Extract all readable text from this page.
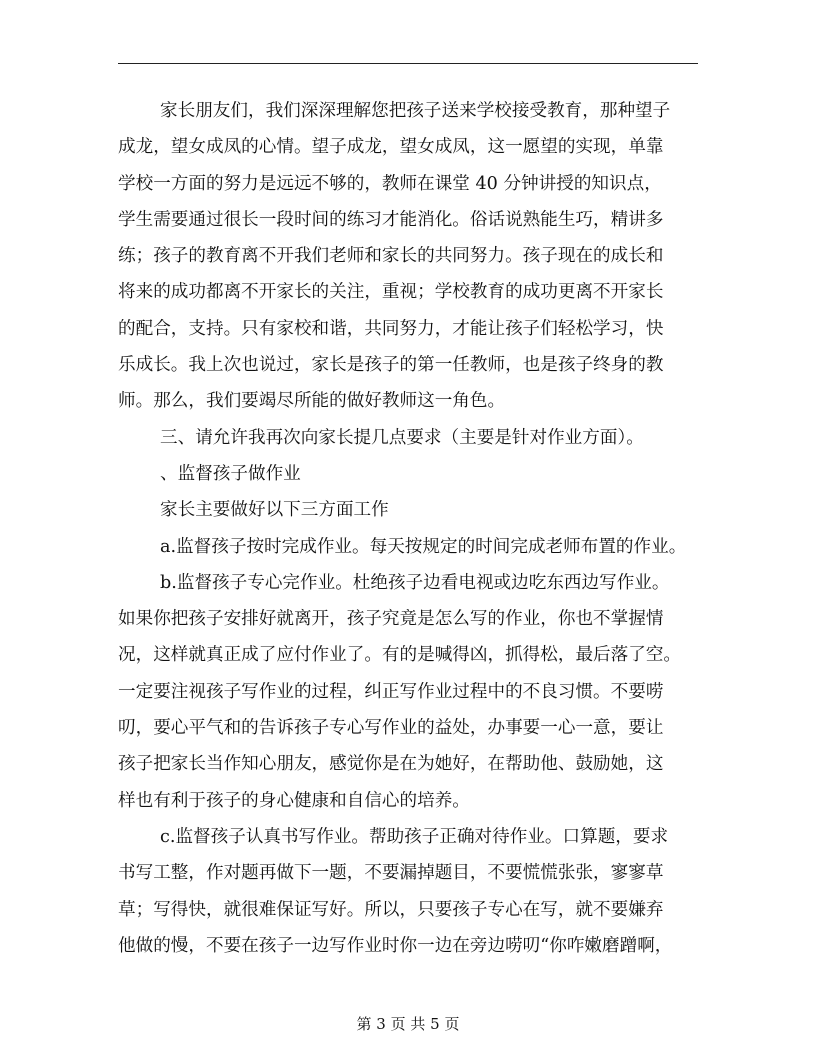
家长朋友们，我们深深理解您把孩子送来学校接受教育，那种望子
成龙，望女成凤的心情。望子成龙，望女成凤，这一愿望的实现，单靠
学校一方面的努力是远远不够的，教师在课堂 40 分钟讲授的知识点，
学生需要通过很长一段时间的练习才能消化。俗话说熟能生巧，精讲多
练；孩子的教育离不开我们老师和家长的共同努力。孩子现在的成长和
将来的成功都离不开家长的关注，重视；学校教育的成功更离不开家长
的配合，支持。只有家校和谐，共同努力，才能让孩子们轻松学习，快
乐成长。我上次也说过，家长是孩子的第一任教师，也是孩子终身的教
师。那么，我们要竭尽所能的做好教师这一角色。
三、请允许我再次向家长提几点要求（主要是针对作业方面）。
、监督孩子做作业
家长主要做好以下三方面工作
a.监督孩子按时完成作业。每天按规定的时间完成老师布置的作业。
b.监督孩子专心完作业。杜绝孩子边看电视或边吃东西边写作业。
如果你把孩子安排好就离开，孩子究竟是怎么写的作业，你也不掌握情
况，这样就真正成了应付作业了。有的是喊得凶，抓得松，最后落了空。
一定要注视孩子写作业的过程，纠正写作业过程中的不良习惯。不要唠
叨，要心平气和的告诉孩子专心写作业的益处，办事要一心一意，要让
孩子把家长当作知心朋友，感觉你是在为她好，在帮助他、鼓励她，这
样也有利于孩子的身心健康和自信心的培养。
c.监督孩子认真书写作业。帮助孩子正确对待作业。口算题，要求
书写工整，作对题再做下一题，不要漏掉题目，不要慌慌张张，寥寥草
草；写得快，就很难保证写好。所以，只要孩子专心在写，就不要嫌弃
他做的慢，不要在孩子一边写作业时你一边在旁边唠叨“你咋嫩磨蹭啊，
第 3 页 共 5 页
